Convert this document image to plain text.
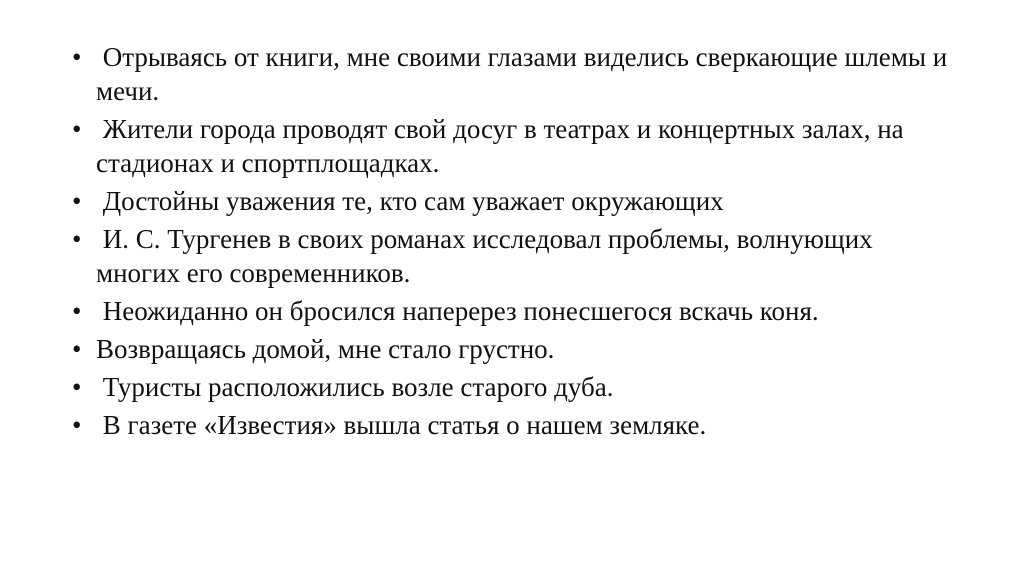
• Отрываясь от книги, мне своими глазами виделись сверкающие шлемы и мечи.
• Жители города проводят свой досуг в театрах и концертных залах, на стадионах и спортплощадках.
• Достойны уважения те, кто сам уважает окружающих
• И. С. Тургенев в своих романах исследовал проблемы, волнующих многих его современников.
• Неожиданно он бросился наперерез понесшегося вскачь коня.
• Возвращаясь домой, мне стало грустно.
• Туристы расположились возле старого дуба.
• В газете «Известия» вышла статья о нашем земляке.
